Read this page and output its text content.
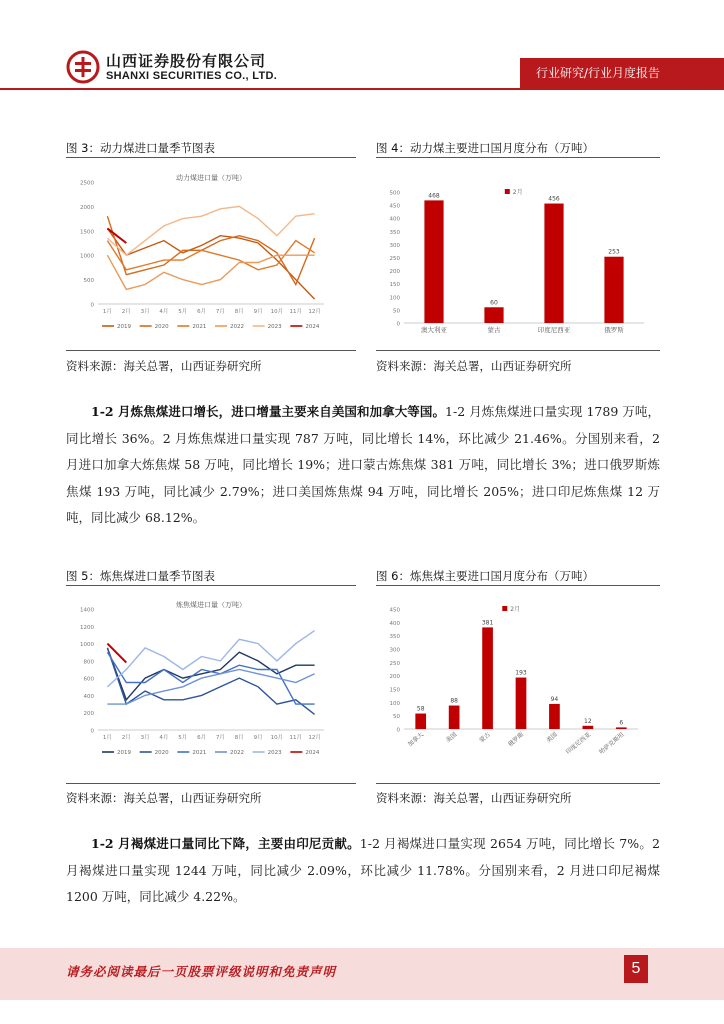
山西证券股份有限公司
SHANXI SECURITIES CO., LTD.	行业研究/行业月度报告
图 3：动力煤进口量季节图表
动力煤进口量（万吨）
0
500
1000
1500
2000
2500
1月 2月 3月 4月 5月 6月 7月 8月 9月 10月 11月 12月
2019	2020	2021	2022	2023	2024
资料来源：海关总署，山西证券研究所
图 4：动力煤主要进口国月度分布（万吨）
0
50
100
150
200
250
300
350
400
450
500	2月
468
澳大利亚
60
蒙古
456
印度尼西亚
253
俄罗斯
资料来源：海关总署，山西证券研究所
1-2 月炼焦煤进口增长，进口增量主要来自美国和加拿大等国。1-2 月炼焦煤进口量实现 1789 万吨，同比增长 36%。2 月炼焦煤进口量实现 787 万吨，同比增长 14%，环比减少 21.46%。分国别来看，2 月进口加拿大炼焦煤 58 万吨，同比增长 19%；进口蒙古炼焦煤 381 万吨，同比增长 3%；进口俄罗斯炼焦煤 193 万吨，同比减少 2.79%；进口美国炼焦煤 94 万吨，同比增长 205%；进口印尼炼焦煤 12 万吨，同比减少 68.12%。
图 5：炼焦煤进口量季节图表
炼焦煤进口量（万吨）
0
200
400
600
800
1000
1200
1400
1月 2月 3月 4月 5月 6月 7月 8月 9月 10月 11月 12月
2019	2020	2021	2022	2023	2024
资料来源：海关总署，山西证券研究所
图 6：炼焦煤主要进口国月度分布（万吨）
0
50
100
150
200
250
300
350
400
450	2月
58
加拿大
88
美国
381
蒙古
193
俄罗斯
94
美国
12
印度尼西亚
6
哈萨克斯坦
资料来源：海关总署，山西证券研究所
1-2 月褐煤进口量同比下降，主要由印尼贡献。1-2 月褐煤进口量实现 2654 万吨，同比增长 7%。2 月褐煤进口量实现 1244 万吨，同比减少 2.09%，环比减少 11.78%。分国别来看，2 月进口印尼褐煤 1200 万吨，同比减少 4.22%。
请务必阅读最后一页股票评级说明和免责声明	5
